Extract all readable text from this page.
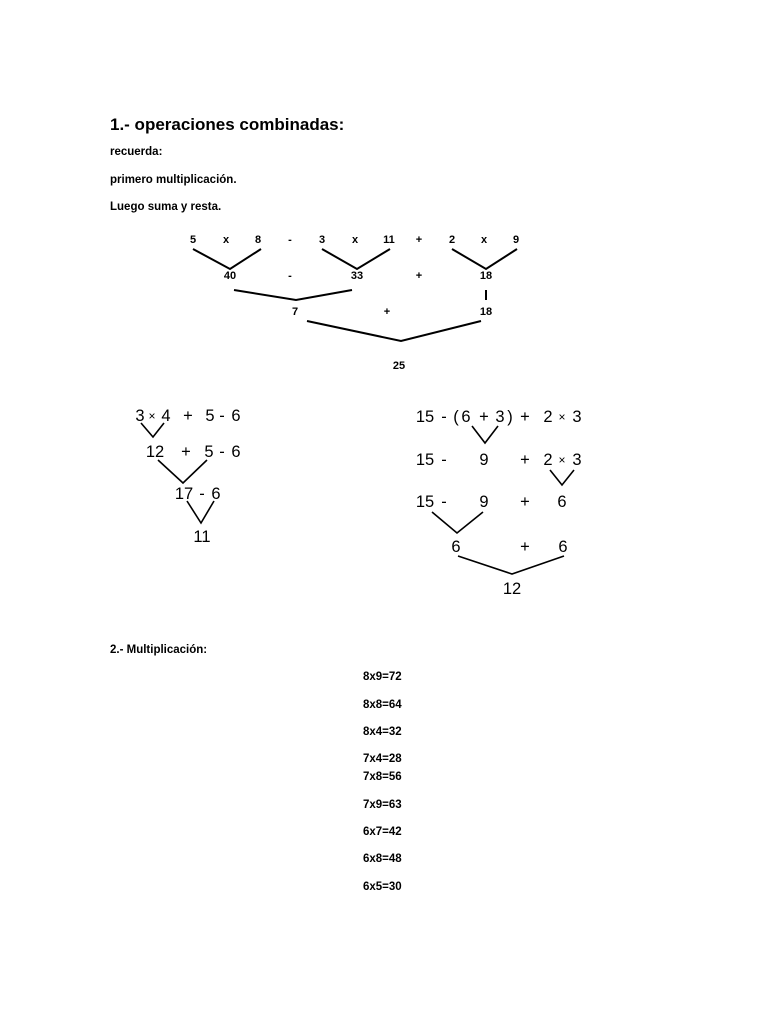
1.- operaciones combinadas:
recuerda:
primero multiplicación.
Luego suma y resta.
5 x 8 - 3 x 11 + 2 x 9
40	-	33	+	18
7	+	18
25
3 × 4 + 5 - 6
12 + 5 - 6
17 - 6
11
15 - ( 6 + 3 ) + 2 × 3
15 - 9 + 2 × 3
15 - 9 + 6
6	+ 6
12
2.- Multiplicación:
8x9=72
8x8=64
8x4=32
7x4=28
7x8=56
7x9=63
6x7=42
6x8=48
6x5=30
